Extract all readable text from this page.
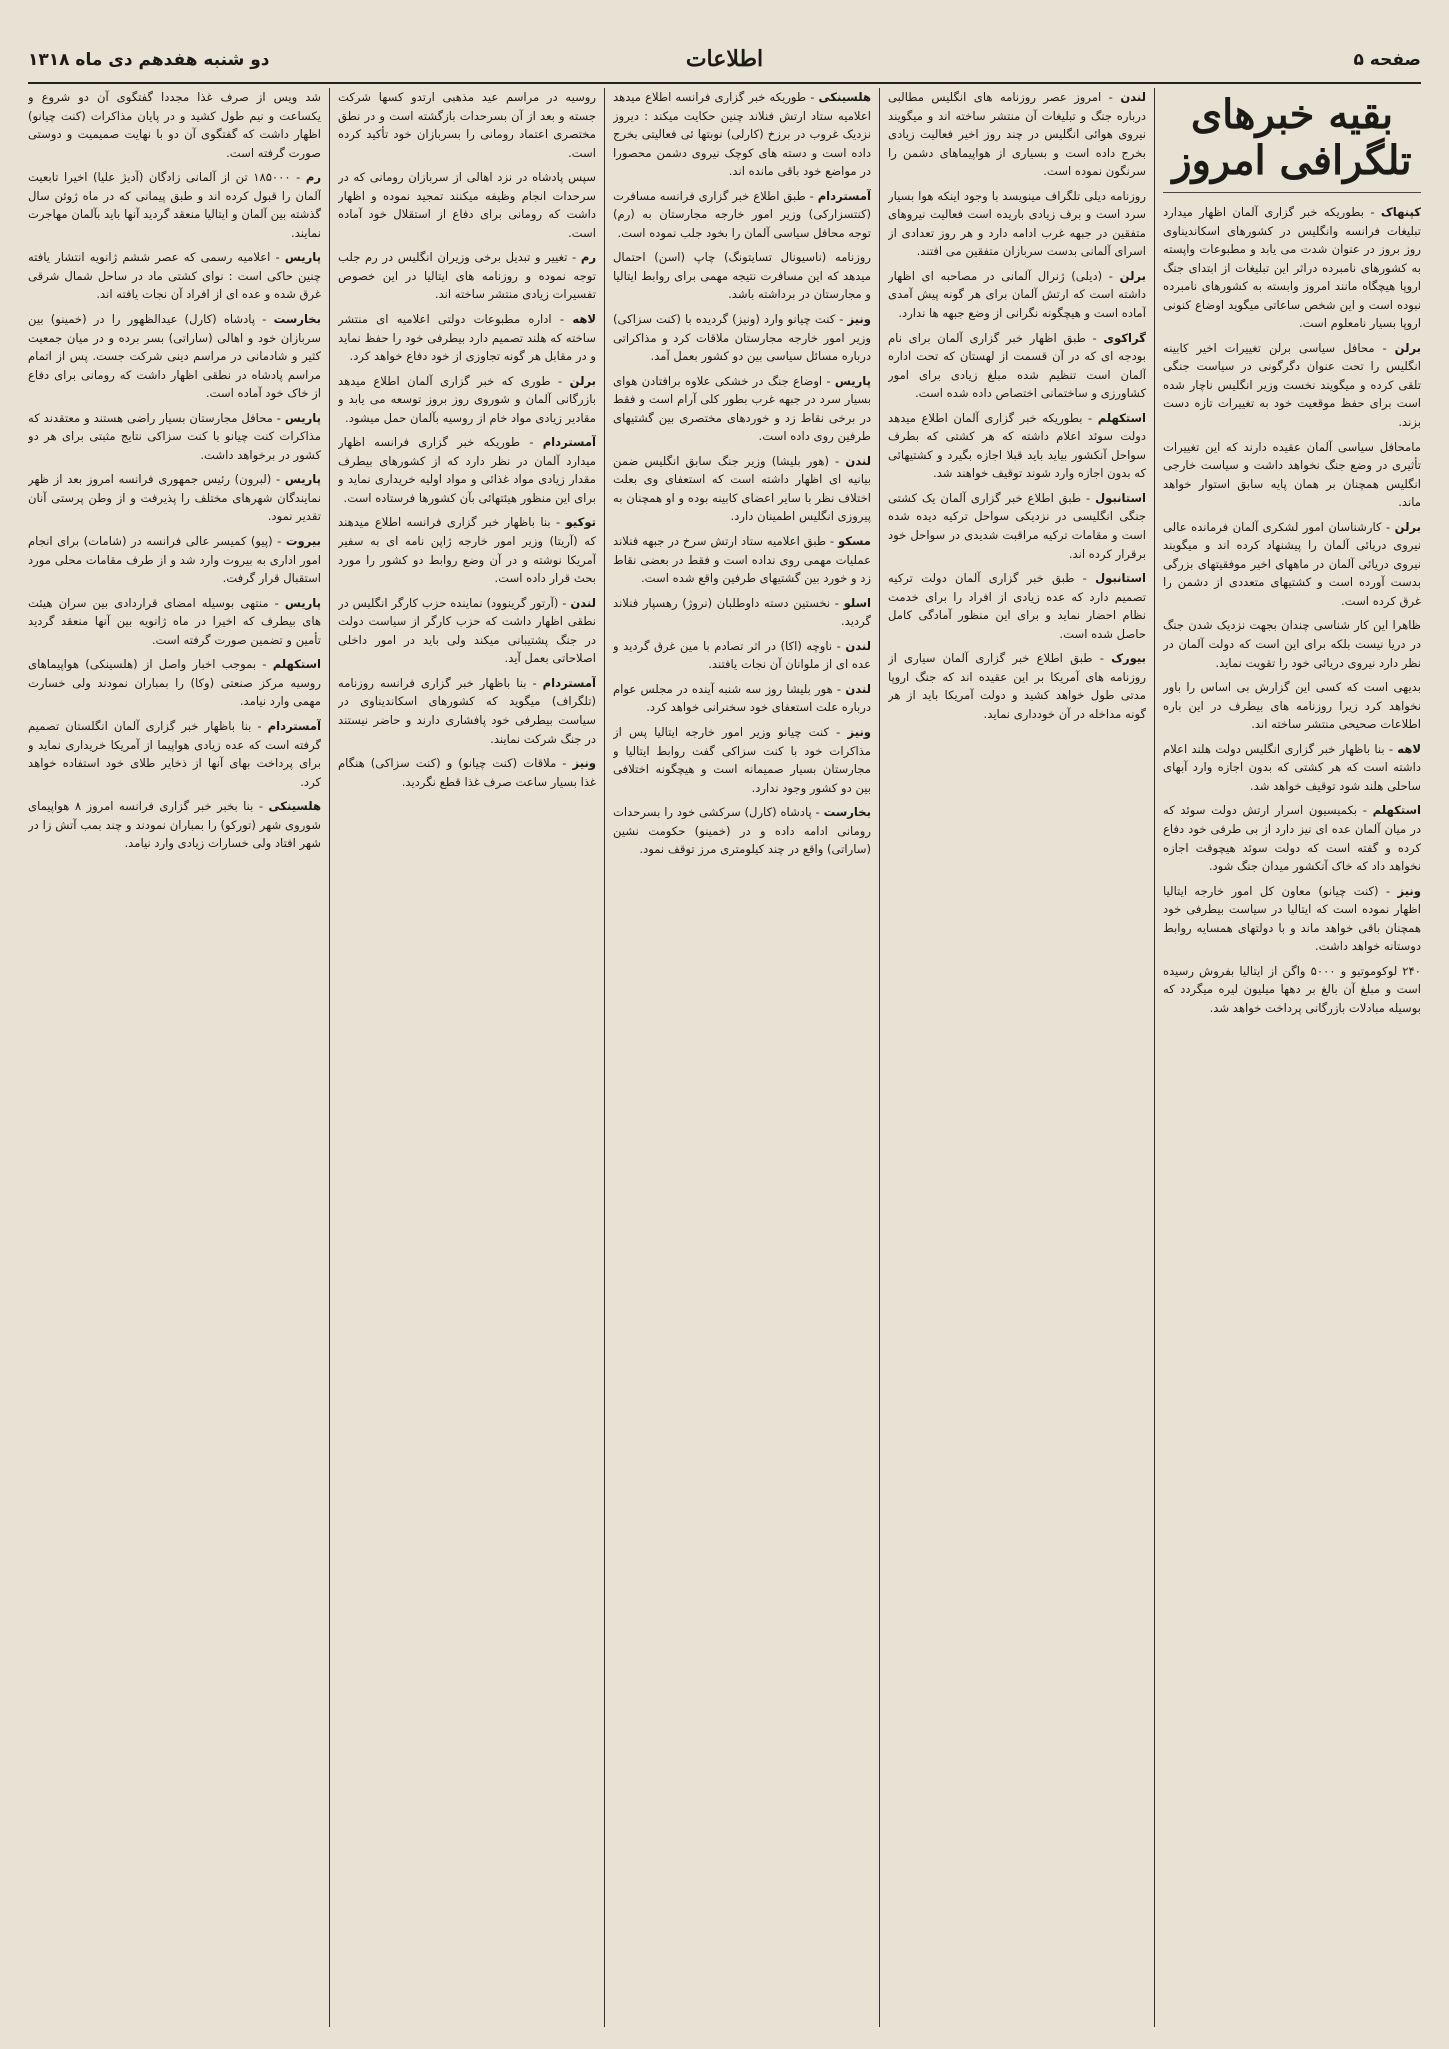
صفحه ۵
اطلاعات
دو شنبه هفدهم دی ماه ۱۳۱۸
بقیه خبرهای تلگرافی امروز

کپنهاک - بطوریکه خبر گزاری آلمان اظهار میدارد تبلیغات فرانسه وانگلیس در کشورهای اسکاندیناوی روز بروز در عنوان شدت می یابد و مطبوعات واپسته به کشورهای نامبرده دراثر این تبلیغات از ابتدای جنگ اروپا هیچگاه مانند امروز وابسته به کشورهای نامبرده نبوده است و این شخص ساعاتی میگوید اوضاع کنونی اروپا بسیار نامعلوم است.

برلن - محافل سیاسی برلن تغییرات اخیر کابینه انگلیس را تحت عنوان دگرگونی در سیاست جنگی تلقی کرده و میگویند نخست وزیر انگلیس ناچار شده است برای حفظ موقعیت خود به تغییرات تازه دست بزند.

مامحافل سیاسی آلمان عقیده دارند که این تغییرات تأثیری در وضع جنگ نخواهد داشت و سیاست خارجی انگلیس همچنان بر همان پایه سابق استوار خواهد ماند.

برلن - کارشناسان امور لشکری آلمان فرمانده عالی نیروی دریائی آلمان را پیشنهاد کرده اند و میگویند نیروی دریائی آلمان در ماههای اخیر موفقیتهای بزرگی بدست آورده است و کشتیهای متعددی از دشمن را غرق کرده است.

ظاهرا این کار شناسی چندان بجهت نزدیک شدن جنگ در دریا نیست بلکه برای این است که دولت آلمان در نظر دارد نیروی دریائی خود را تقویت نماید.

بدیهی است که کسی این گزارش بی اساس را باور نخواهد کرد زیرا روزنامه های بیطرف در این باره اطلاعات صحیحی منتشر ساخته اند.

لاهه - بنا باظهار خبر گزاری انگلیس دولت هلند اعلام داشته است که هر کشتی که بدون اجازه وارد آبهای ساحلی هلند شود توقیف خواهد شد.

استکهلم - بکمیسیون اسرار ارتش دولت سوئد که در میان آلمان عده ای نیز دارد از بی طرفی خود دفاع کرده و گفته است که دولت سوئد هیچوقت اجازه نخواهد داد که خاک آنکشور میدان جنگ شود.

ونیز - (کنت چیانو) معاون کل امور خارجه ایتالیا اظهار نموده است که ایتالیا در سیاست بیطرفی خود همچنان باقی خواهد ماند و با دولتهای همسایه روابط دوستانه خواهد داشت.

۲۴۰ لوکوموتیو و ۵۰۰۰ واگن از ایتالیا بفروش رسیده است و مبلغ آن بالغ بر دهها میلیون لیره میگردد که بوسیله مبادلات بازرگانی پرداخت خواهد شد.

لندن - امروز عصر روزنامه های انگلیس مطالبی درباره جنگ و تبلیغات آن منتشر ساخته اند و میگویند نیروی هوائی انگلیس در چند روز اخیر فعالیت زیادی بخرج داده است و بسیاری از هواپیماهای دشمن را سرنگون نموده است.

روزنامه دیلی تلگراف مینویسد با وجود اینکه هوا بسیار سرد است و برف زیادی باریده است فعالیت نیروهای متفقین در جبهه غرب ادامه دارد و هر روز تعدادی از اسرای آلمانی بدست سربازان متفقین می افتند.

برلن - (دیلی) ژنرال آلمانی در مصاحبه ای اظهار داشته است که ارتش آلمان برای هر گونه پیش آمدی آماده است و هیچگونه نگرانی از وضع جبهه ها ندارد.

گراکوی - طبق اظهار خبر گزاری آلمان برای نام بودجه ای که در آن قسمت از لهستان که تحت اداره آلمان است تنظیم شده مبلغ زیادی برای امور کشاورزی و ساختمانی اختصاص داده شده است.

استکهلم - بطوریکه خبر گزاری آلمان اطلاع میدهد دولت سوئد اعلام داشته که هر کشتی که بطرف سواحل آنکشور بیاید باید قبلا اجازه بگیرد و کشتیهائی که بدون اجازه وارد شوند توقیف خواهند شد.

استانبول - طبق اطلاع خبر گزاری آلمان یک کشتی جنگی انگلیسی در نزدیکی سواحل ترکیه دیده شده است و مقامات ترکیه مراقبت شدیدی در سواحل خود برقرار کرده اند.

استانبول - طبق خبر گزاری آلمان دولت ترکیه تصمیم دارد که عده زیادی از افراد را برای خدمت نظام احضار نماید و برای این منظور آمادگی کامل حاصل شده است.

بیورک - طبق اطلاع خبر گزاری آلمان سیاری از روزنامه های آمریکا بر این عقیده اند که جنگ اروپا مدتی طول خواهد کشید و دولت آمریکا باید از هر گونه مداخله در آن خودداری نماید.

هلسینکی - طوریکه خبر گزاری فرانسه اطلاع میدهد اعلامیه ستاد ارتش فنلاند چنین حکایت میکند : دیروز نزدیک غروب در برزخ (کارلی) نوبتها ئی فعالیتی بخرج داده است و دسته های کوچک نیروی دشمن محصورا در مواضع خود باقی مانده اند.

آمستردام - طبق اطلاع خبر گزاری فرانسه مسافرت (کنتسزارکی) وزیر امور خارجه مجارستان به (رم) توجه محافل سیاسی آلمان را بخود جلب نموده است.

روزنامه (ناسیونال تسایتونگ) چاپ (اسن) احتمال میدهد که این مسافرت نتیجه مهمی برای روابط ایتالیا و مجارستان در برداشته باشد.

ونیز - کنت چیانو وارد (ونیز) گردیده با (کنت سزاکی) وزیر امور خارجه مجارستان ملاقات کرد و مذاکراتی درباره مسائل سیاسی بین دو کشور بعمل آمد.

پاریس - اوضاع جنگ در خشکی علاوه برافتادن هوای بسیار سرد در جبهه غرب بطور کلی آرام است و فقط در برخی نقاط زد و خوردهای مختصری بین گشتیهای طرفین روی داده است.

لندن - (هور بلیشا) وزیر جنگ سابق انگلیس ضمن بیانیه ای اظهار داشته است که استعفای وی بعلت اختلاف نظر با سایر اعضای کابینه بوده و او همچنان به پیروزی انگلیس اطمینان دارد.

مسکو - طبق اعلامیه ستاد ارتش سرخ در جبهه فنلاند عملیات مهمی روی نداده است و فقط در بعضی نقاط زد و خورد بین گشتیهای طرفین واقع شده است.

اسلو - نخستین دسته داوطلبان (نروژ) رهسپار فنلاند گردید.

لندن - ناوچه (اکا) در اثر تصادم با مین غرق گردید و عده ای از ملوانان آن نجات یافتند.

لندن - هور بلیشا روز سه شنبه آینده در مجلس عوام درباره علت استعفای خود سخنرانی خواهد کرد.

ونیز - کنت چیانو وزیر امور خارجه ایتالیا پس از مذاکرات خود با کنت سزاکی گفت روابط ایتالیا و مجارستان بسیار صمیمانه است و هیچگونه اختلافی بین دو کشور وجود ندارد.

بخارست - پادشاه (کارل) سرکشی خود را بسرحدات رومانی ادامه داده و در (خمینو) حکومت نشین (ساراتی) واقع در چند کیلومتری مرز توقف نمود.

روسیه در مراسم عید مذهبی ارتدو کسها شرکت جسته و بعد از آن بسرحدات بازگشته است و در نطق مختصری اعتماد رومانی را بسربازان خود تأکید کرده است.

سپس پادشاه در نزد اهالی از سربازان رومانی که در سرحدات انجام وظیفه میکنند تمجید نموده و اظهار داشت که رومانی برای دفاع از استقلال خود آماده است.

رم - تغییر و تبدیل برخی وزیران انگلیس در رم جلب توجه نموده و روزنامه های ایتالیا در این خصوص تفسیرات زیادی منتشر ساخته اند.

لاهه - اداره مطبوعات دولتی اعلامیه ای منتشر ساخته که هلند تصمیم دارد بیطرفی خود را حفظ نماید و در مقابل هر گونه تجاوزی از خود دفاع خواهد کرد.

برلن - طوری که خبر گزاری آلمان اطلاع میدهد بازرگانی آلمان و شوروی روز بروز توسعه می یابد و مقادیر زیادی مواد خام از روسیه بآلمان حمل میشود.

آمستردام - طوریکه خبر گزاری فرانسه اظهار میدارد آلمان در نظر دارد که از کشورهای بیطرف مقدار زیادی مواد غذائی و مواد اولیه خریداری نماید و برای این منظور هیئتهائی بآن کشورها فرستاده است.

توکیو - بنا باظهار خبر گزاری فرانسه اطلاع میدهند که (آریتا) وزیر امور خارجه ژاپن نامه ای به سفیر آمریکا نوشته و در آن وضع روابط دو کشور را مورد بحث قرار داده است.

لندن - (آرتور گرینوود) نماینده حزب کارگر انگلیس در نطقی اظهار داشت که حزب کارگر از سیاست دولت در جنگ پشتیبانی میکند ولی باید در امور داخلی اصلاحاتی بعمل آید.

آمستردام - بنا باظهار خبر گزاری فرانسه روزنامه (تلگراف) میگوید که کشورهای اسکاندیناوی در سیاست بیطرفی خود پافشاری دارند و حاضر نیستند در جنگ شرکت نمایند.

ونیز - ملاقات (کنت چیانو) و (کنت سزاکی) هنگام غذا بسیار ساعت صرف غذا قطع نگردید.

شد ویس از صرف غذا مجددا گفتگوی آن دو شروع و یکساعت و نیم طول کشید و در پایان مذاکرات (کنت چیانو) اظهار داشت که گفتگوی آن دو با نهایت صمیمیت و دوستی صورت گرفته است.

رم - ۱۸۵۰۰۰ تن از آلمانی زادگان (آدیژ علیا) اخیرا تابعیت آلمان را قبول کرده اند و طبق پیمانی که در ماه ژوئن سال گذشته بین آلمان و ایتالیا منعقد گردید آنها باید بآلمان مهاجرت نمایند.

پاریس - اعلامیه رسمی که عصر ششم ژانویه انتشار یافته چنین حاکی است : نوای کشتی ماد در ساحل شمال شرقی غرق شده و عده ای از افراد آن نجات یافته اند.

بخارست - پادشاه (کارل) عیدالظهور را در (خمینو) بین سربازان خود و اهالی (ساراتی) بسر برده و در میان جمعیت کثیر و شادمانی در مراسم دینی شرکت جست. پس از اتمام مراسم پادشاه در نطقی اظهار داشت که رومانی برای دفاع از خاک خود آماده است.

پاریس - محافل مجارستان بسیار راضی هستند و معتقدند که مذاکرات کنت چیانو با کنت سزاکی نتایج مثبتی برای هر دو کشور در برخواهد داشت.

پاریس - (لبرون) رئیس جمهوری فرانسه امروز بعد از ظهر نمایندگان شهرهای مختلف را پذیرفت و از وطن پرستی آنان تقدیر نمود.

بیروت - (پیو) کمیسر عالی فرانسه در (شامات) برای انجام امور اداری به بیروت وارد شد و از طرف مقامات محلی مورد استقبال قرار گرفت.

پاریس - منتهی بوسیله امضای قراردادی بین سران هیئت های بیطرف که اخیرا در ماه ژانویه بین آنها منعقد گردید تأمین و تضمین صورت گرفته است.

استکهلم - بموجب اخبار واصل از (هلسینکی) هواپیماهای روسیه مرکز صنعتی (وکا) را بمباران نمودند ولی خسارت مهمی وارد نیامد.

آمستردام - بنا باظهار خبر گزاری آلمان انگلستان تصمیم گرفته است که عده زیادی هواپیما از آمریکا خریداری نماید و برای پرداخت بهای آنها از ذخایر طلای خود استفاده خواهد کرد.

هلسینکی - بنا بخبر خبر گزاری فرانسه امروز ۸ هواپیمای شوروی شهر (تورکو) را بمباران نمودند و چند بمب آتش زا در شهر افتاد ولی خسارات زیادی وارد نیامد.
